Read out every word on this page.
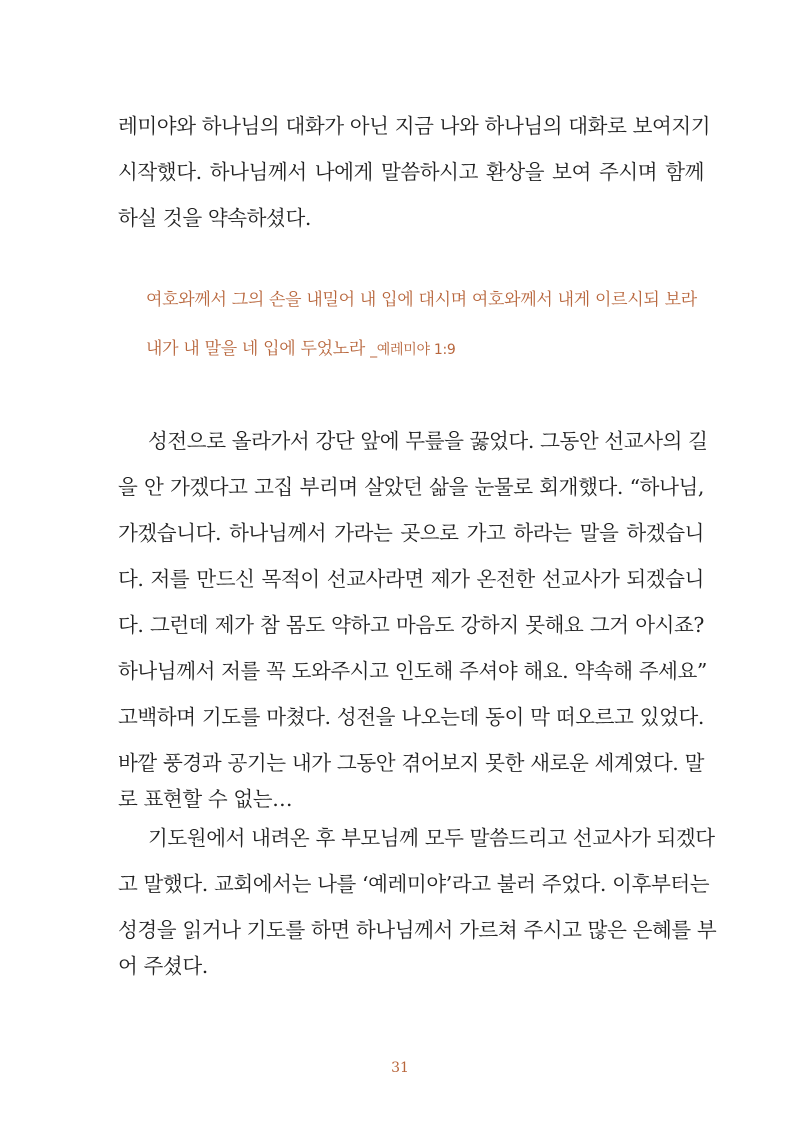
레미야와 하나님의 대화가 아닌 지금 나와 하나님의 대화로 보여지기
시작했다. 하나님께서 나에게 말씀하시고 환상을 보여 주시며 함께
하실 것을 약속하셨다.
여호와께서 그의 손을 내밀어 내 입에 대시며 여호와께서 내게 이르시되 보라
내가 내 말을 네 입에 두었노라 _예레미야 1:9
성전으로 올라가서 강단 앞에 무릎을 꿇었다. 그동안 선교사의 길
을 안 가겠다고 고집 부리며 살았던 삶을 눈물로 회개했다. “하나님,
가겠습니다. 하나님께서 가라는 곳으로 가고 하라는 말을 하겠습니
다. 저를 만드신 목적이 선교사라면 제가 온전한 선교사가 되겠습니
다. 그런데 제가 참 몸도 약하고 마음도 강하지 못해요 그거 아시죠?
하나님께서 저를 꼭 도와주시고 인도해 주셔야 해요. 약속해 주세요”
고백하며 기도를 마쳤다. 성전을 나오는데 동이 막 떠오르고 있었다.
바깥 풍경과 공기는 내가 그동안 겪어보지 못한 새로운 세계였다. 말
로 표현할 수 없는…
기도원에서 내려온 후 부모님께 모두 말씀드리고 선교사가 되겠다
고 말했다. 교회에서는 나를 ‘예레미야’라고 불러 주었다. 이후부터는
성경을 읽거나 기도를 하면 하나님께서 가르쳐 주시고 많은 은혜를 부
어 주셨다.
31
